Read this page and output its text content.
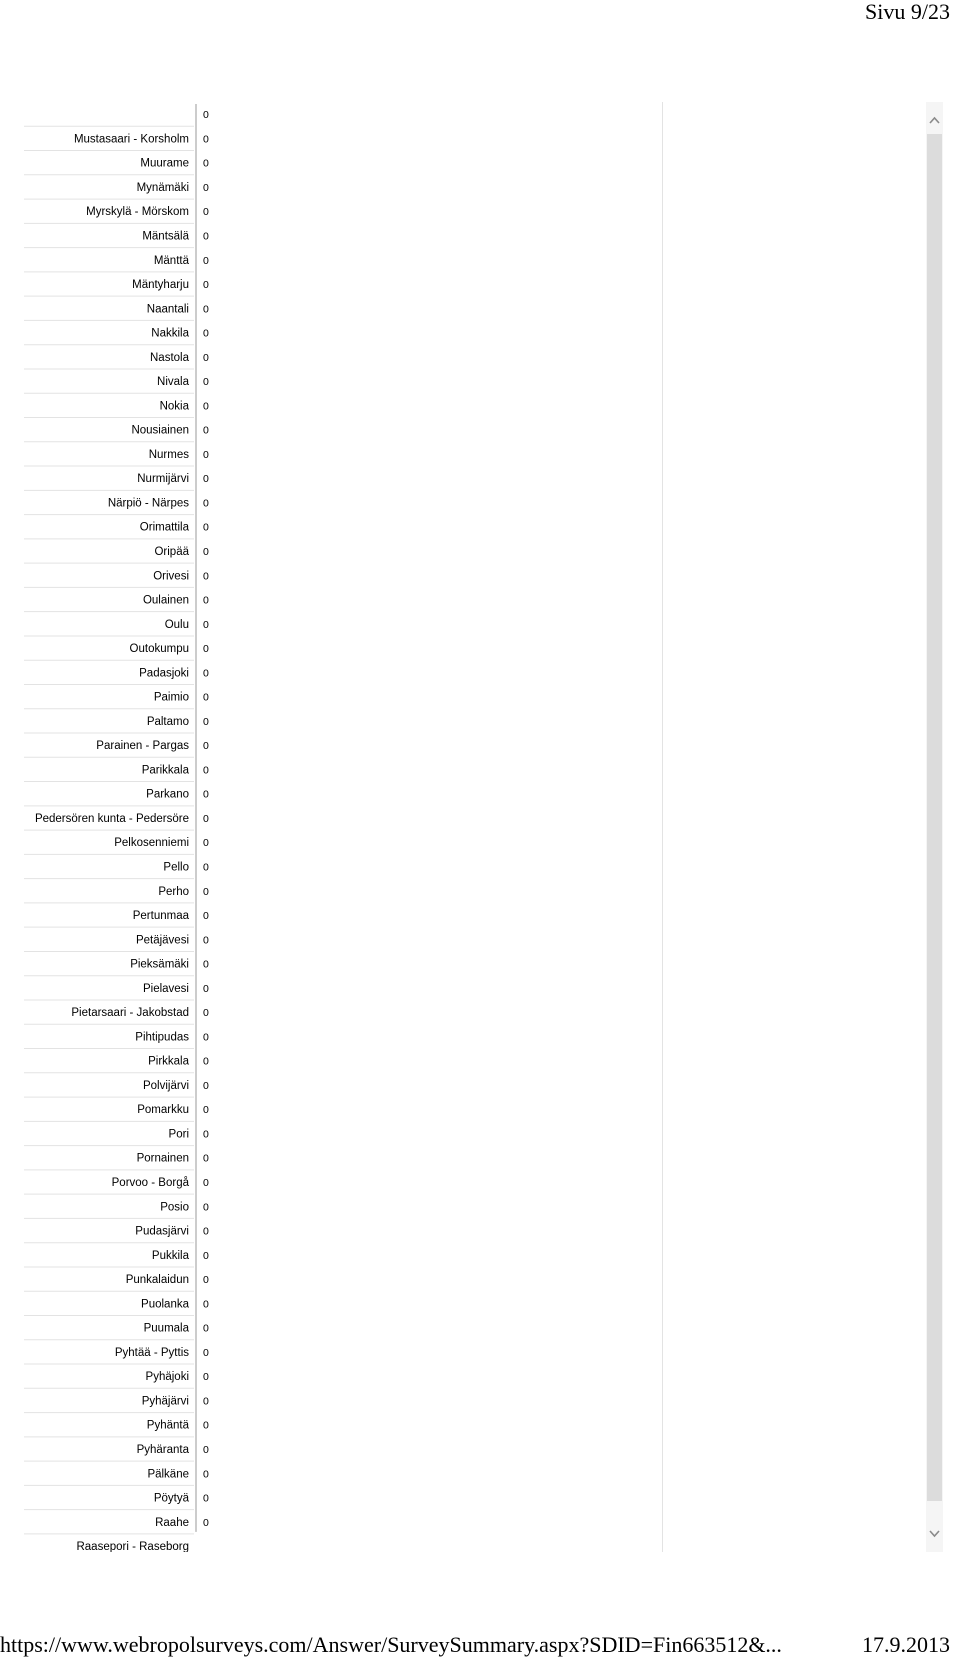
Sivu 9/23
0
Mustasaari - Korsholm 0
Muurame 0
Mynämäki 0
Myrskylä - Mörskom 0
Mäntsälä 0
Mänttä 0
Mäntyharju 0
Naantali 0
Nakkila 0
Nastola 0
Nivala 0
Nokia 0
Nousiainen 0
Nurmes 0
Nurmijärvi 0
Närpiö - Närpes 0
Orimattila 0
Oripää 0
Orivesi 0
Oulainen 0
Oulu 0
Outokumpu 0
Padasjoki 0
Paimio 0
Paltamo 0
Parainen - Pargas 0
Parikkala 0
Parkano 0
Pedersören kunta - Pedersöre 0
Pelkosenniemi 0
Pello 0
Perho 0
Pertunmaa 0
Petäjävesi 0
Pieksämäki 0
Pielavesi 0
Pietarsaari - Jakobstad 0
Pihtipudas 0
Pirkkala 0
Polvijärvi 0
Pomarkku 0
Pori 0
Pornainen 0
Porvoo - Borgå 0
Posio 0
Pudasjärvi 0
Pukkila 0
Punkalaidun 0
Puolanka 0
Puumala 0
Pyhtää - Pyttis 0
Pyhäjoki 0
Pyhäjärvi 0
Pyhäntä 0
Pyhäranta 0
Pälkäne 0
Pöytyä 0
Raahe 0
Raasepori - Raseborg
https://www.webropolsurveys.com/Answer/SurveySummary.aspx?SDID=Fin663512&...	17.9.2013
